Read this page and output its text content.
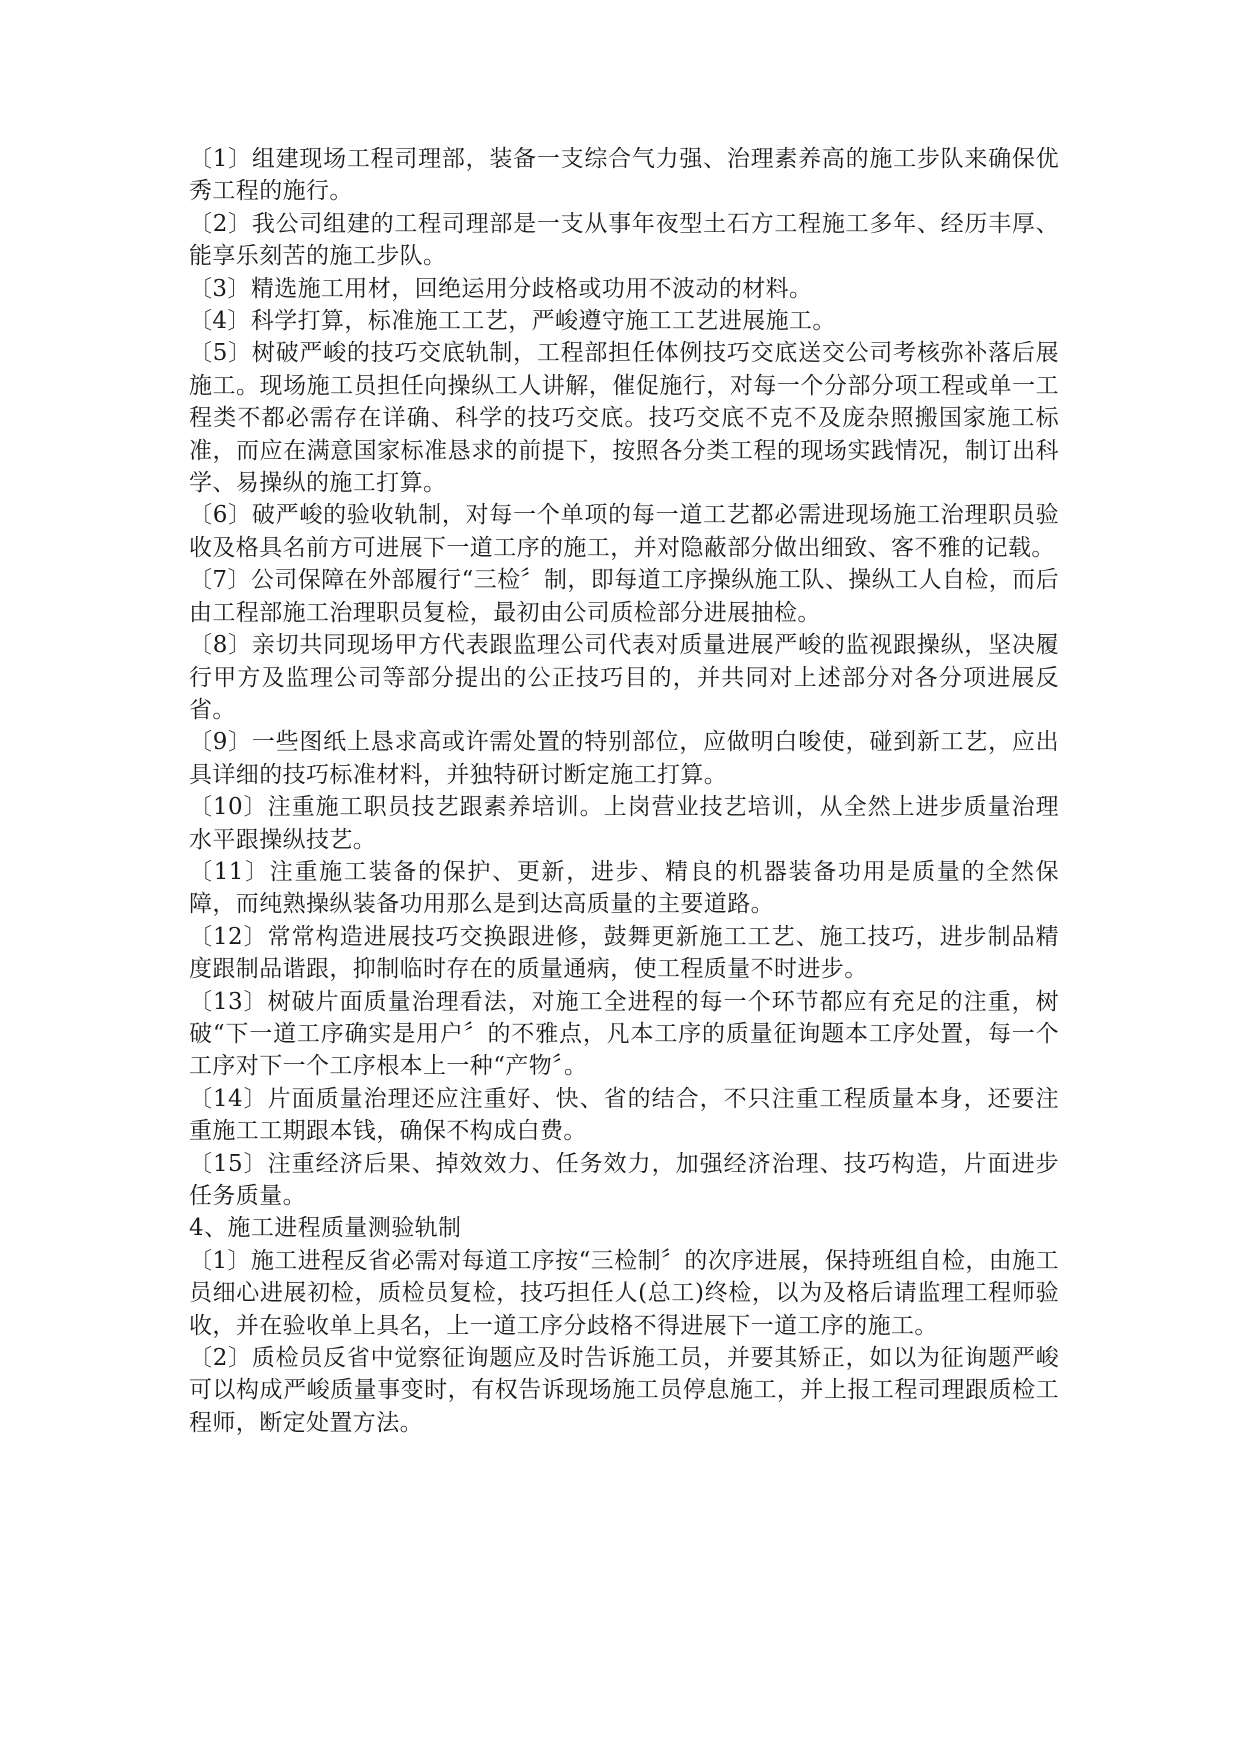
〔1〕组建现场工程司理部，装备一支综合气力强、治理素养高的施工步队来确保优秀工程的施行。

〔2〕我公司组建的工程司理部是一支从事年夜型土石方工程施工多年、经历丰厚、能享乐刻苦的施工步队。

〔3〕精选施工用材，回绝运用分歧格或功用不波动的材料。

〔4〕科学打算，标准施工工艺，严峻遵守施工工艺进展施工。

〔5〕树破严峻的技巧交底轨制，工程部担任体例技巧交底送交公司考核弥补落后展施工。现场施工员担任向操纵工人讲解，催促施行，对每一个分部分项工程或单一工程类不都必需存在详确、科学的技巧交底。技巧交底不克不及庞杂照搬国家施工标准，而应在满意国家标准恳求的前提下，按照各分类工程的现场实践情况，制订出科学、易操纵的施工打算。

〔6〕破严峻的验收轨制，对每一个单项的每一道工艺都必需进现场施工治理职员验收及格具名前方可进展下一道工序的施工，并对隐蔽部分做出细致、客不雅的记载。

〔7〕公司保障在外部履行“三检〞制，即每道工序操纵施工队、操纵工人自检，而后由工程部施工治理职员复检，最初由公司质检部分进展抽检。

〔8〕亲切共同现场甲方代表跟监理公司代表对质量进展严峻的监视跟操纵，坚决履行甲方及监理公司等部分提出的公正技巧目的，并共同对上述部分对各分项进展反省。

〔9〕一些图纸上恳求高或许需处置的特别部位，应做明白唆使，碰到新工艺，应出具详细的技巧标准材料，并独特研讨断定施工打算。

〔10〕注重施工职员技艺跟素养培训。上岗营业技艺培训，从全然上进步质量治理水平跟操纵技艺。

〔11〕注重施工装备的保护、更新，进步、精良的机器装备功用是质量的全然保障，而纯熟操纵装备功用那么是到达高质量的主要道路。

〔12〕常常构造进展技巧交换跟进修，鼓舞更新施工工艺、施工技巧，进步制品精度跟制品谐跟，抑制临时存在的质量通病，使工程质量不时进步。

〔13〕树破片面质量治理看法，对施工全进程的每一个环节都应有充足的注重，树破“下一道工序确实是用户〞的不雅点，凡本工序的质量征询题本工序处置，每一个工序对下一个工序根本上一种“产物〞。

〔14〕片面质量治理还应注重好、快、省的结合，不只注重工程质量本身，还要注重施工工期跟本钱，确保不构成白费。

〔15〕注重经济后果、掉效效力、任务效力，加强经济治理、技巧构造，片面进步任务质量。

4、施工进程质量测验轨制

〔1〕施工进程反省必需对每道工序按“三检制〞的次序进展，保持班组自检，由施工员细心进展初检，质检员复检，技巧担任人(总工)终检，以为及格后请监理工程师验收，并在验收单上具名，上一道工序分歧格不得进展下一道工序的施工。

〔2〕质检员反省中觉察征询题应及时告诉施工员，并要其矫正，如以为征询题严峻可以构成严峻质量事变时，有权告诉现场施工员停息施工，并上报工程司理跟质检工程师，断定处置方法。
